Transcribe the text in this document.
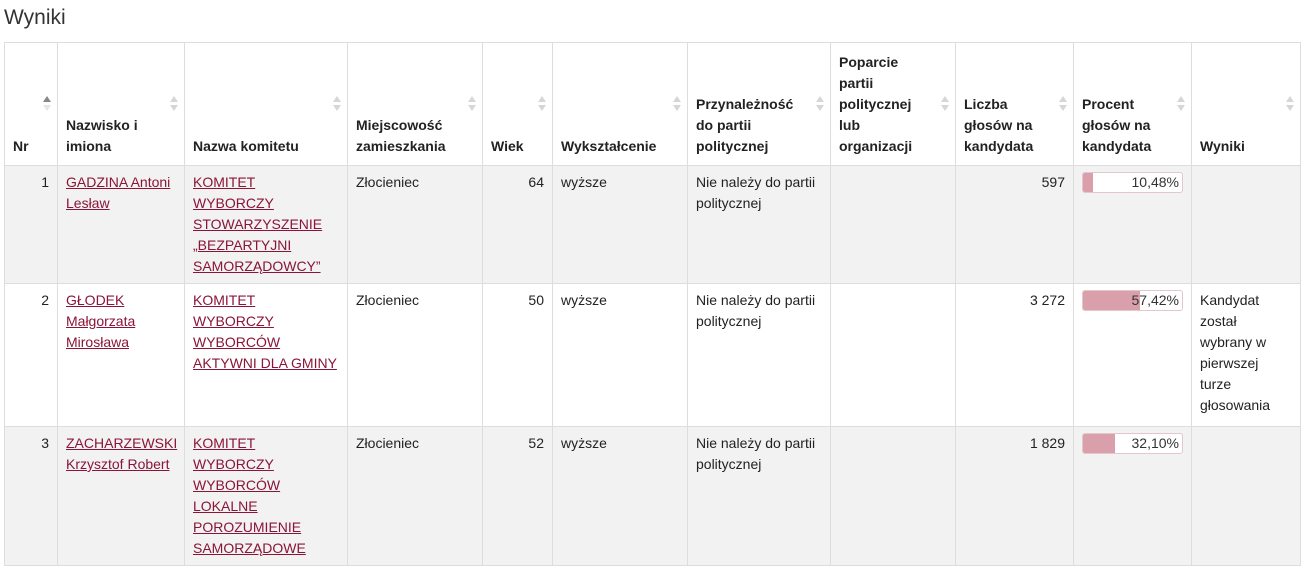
Wyniki
Nr	Nazwisko i imiona	Nazwa komitetu	Miejscowość zamieszkania	Wiek	Wykształcenie	Przynależność do partii politycznej	Poparcie partii politycznej lub organizacji	Liczba głosów na kandydata	Procent głosów na kandydata	Wyniki

1	GADZINA Antoni Lesław	KOMITET WYBORCZY STOWARZYSZENIE „BEZPARTYJNI SAMORZĄDOWCY”	Złocieniec	64	wyższe	Nie należy do partii politycznej		597	10,48%	

2	GŁODEK Małgorzata Mirosława	KOMITET WYBORCZY WYBORCÓW AKTYWNI DLA GMINY	Złocieniec	50	wyższe	Nie należy do partii politycznej		3 272	57,42%	Kandydat został wybrany w pierwszej turze głosowania
3	ZACHARZEWSKI Krzysztof Robert	KOMITET WYBORCZY WYBORCÓW LOKALNE POROZUMIENIE SAMORZĄDOWE	Złocieniec	52	wyższe	Nie należy do partii politycznej		1 829	32,10%	
